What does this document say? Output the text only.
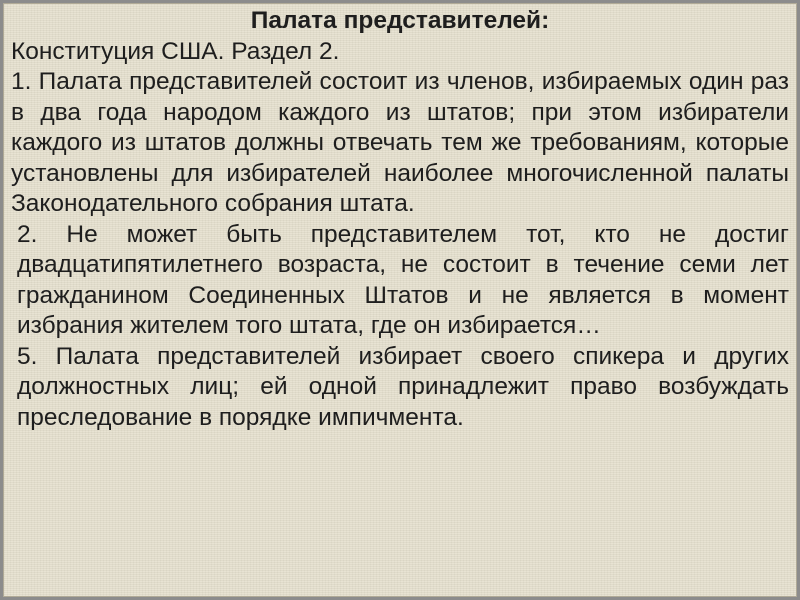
Палата представителей:

Конституция США. Раздел 2.

1. Палата представителей состоит из членов, избираемых один раз в два года народом каждого из штатов; при этом избиратели каждого из штатов должны отвечать тем же требованиям, которые установлены для избирателей наиболее многочисленной палаты Законодательного собрания штата.

2. Не может быть представителем тот, кто не достиг двадцатипятилетнего возраста, не состоит в течение семи лет гражданином Соединенных Штатов и не является в момент избрания жителем того штата, где он избирается…

5. Палата представителей избирает своего спикера и других должностных лиц; ей одной принадлежит право возбуждать преследование в порядке импичмента.
